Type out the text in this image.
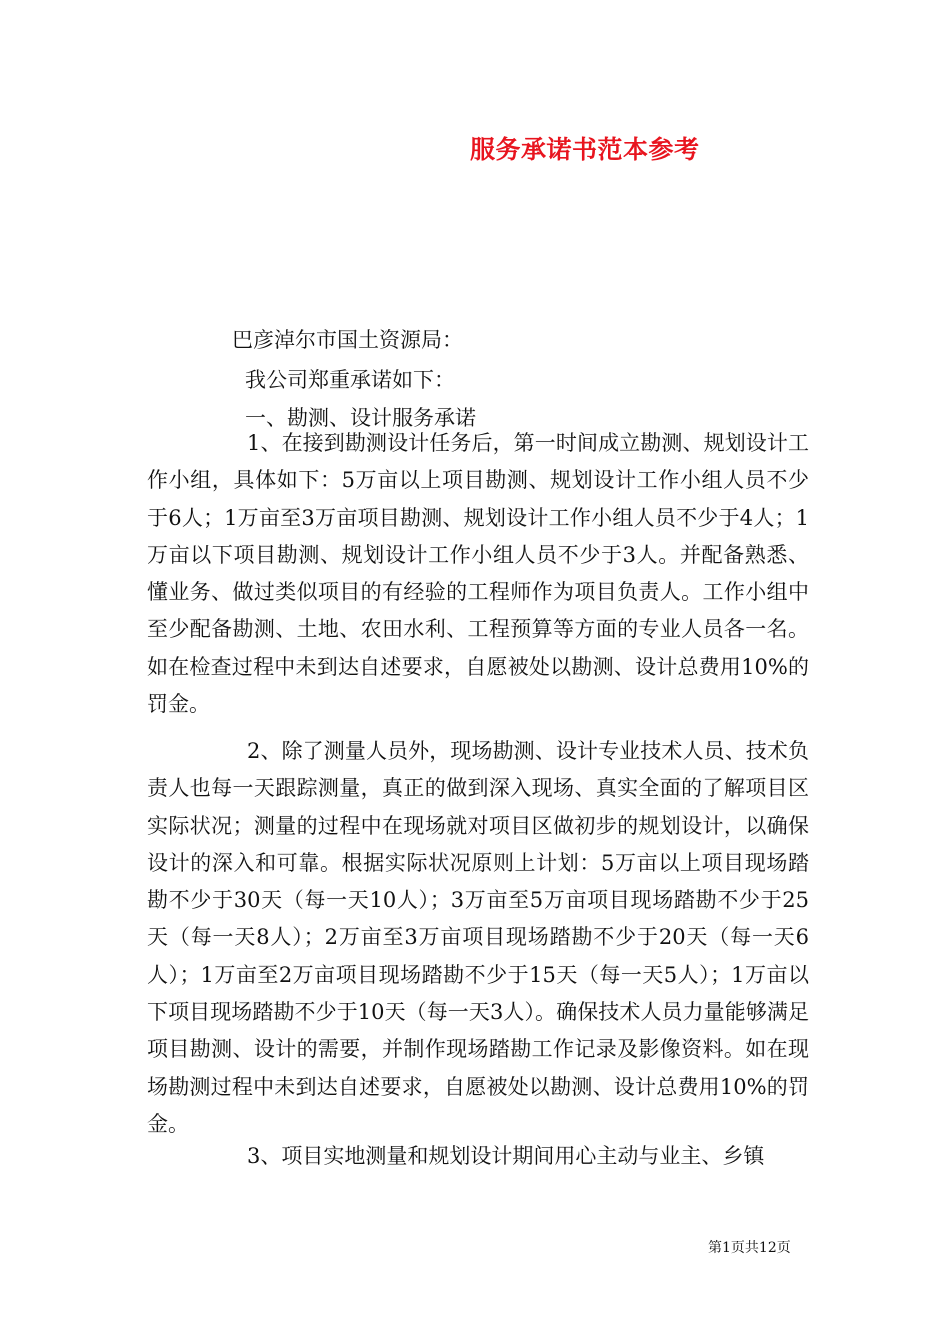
服务承诺书范本参考
巴彦淖尔市国土资源局：
我公司郑重承诺如下：
一、勘测、设计服务承诺

1、在接到勘测设计任务后，第一时间成立勘测、规划设计工作小组，具体如下：5万亩以上项目勘测、规划设计工作小组人员不少于6人；1万亩至3万亩项目勘测、规划设计工作小组人员不少于4人；1万亩以下项目勘测、规划设计工作小组人员不少于3人。并配备熟悉、懂业务、做过类似项目的有经验的工程师作为项目负责人。工作小组中至少配备勘测、土地、农田水利、工程预算等方面的专业人员各一名。如在检查过程中未到达自述要求，自愿被处以勘测、设计总费用10%的罚金。

2、除了测量人员外，现场勘测、设计专业技术人员、技术负责人也每一天跟踪测量，真正的做到深入现场、真实全面的了解项目区实际状况；测量的过程中在现场就对项目区做初步的规划设计，以确保设计的深入和可靠。根据实际状况原则上计划：5万亩以上项目现场踏勘不少于30天（每一天10人）；3万亩至5万亩项目现场踏勘不少于25天（每一天8人）；2万亩至3万亩项目现场踏勘不少于20天（每一天6人）；1万亩至2万亩项目现场踏勘不少于15天（每一天5人）；1万亩以下项目现场踏勘不少于10天（每一天3人）。确保技术人员力量能够满足项目勘测、设计的需要，并制作现场踏勘工作记录及影像资料。如在现场勘测过程中未到达自述要求，自愿被处以勘测、设计总费用10%的罚金。

3、项目实地测量和规划设计期间用心主动与业主、乡镇

第1页共12页
